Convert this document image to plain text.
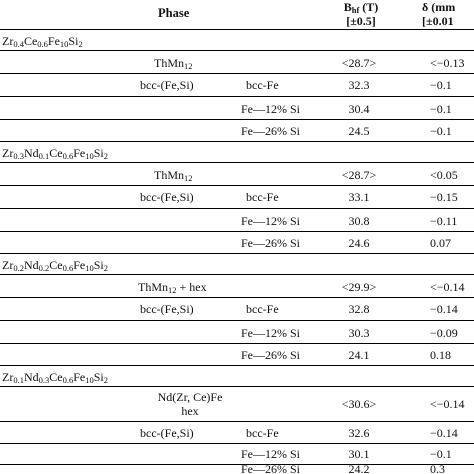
Phase	$B_{hf}$ (T)
[±0.5]
δ (mm
[±0.01
$Zr_{0.4}Ce_{0.6}Fe_{10}Si_2$
ThMn$_{12}$	<28.7>	<−0.13
bcc-(Fe,Si)	bcc-Fe	32.3	−0.1
Fe—12% Si	30.4	−0.1
Fe—26% Si	24.5	−0.1
$Zr_{0.3}Nd_{0.1}Ce_{0.6}Fe_{10}Si_2$
ThMn$_{12}$	<28.7>	<0.05
bcc-(Fe,Si)	bcc-Fe	33.1	−0.15
Fe—12% Si	30.8	−0.11
Fe—26% Si	24.6	0.07
$Zr_{0.2}Nd_{0.2}Ce_{0.6}Fe_{10}Si_2$
ThMn$_{12}$ + hex	<29.9>	<−0.14
bcc-(Fe,Si)	bcc-Fe	32.8	−0.14
Fe—12% Si	30.3	−0.09
Fe—26% Si	24.1	0.18
$Zr_{0.1}Nd_{0.3}Ce_{0.6}Fe_{10}Si_2$
Nd(Zr, Ce)Fe
hex	<30.6>	<−0.14
bcc-(Fe,Si)	bcc-Fe	32.6	−0.14
Fe—12% Si	30.1	−0.1
Fe—26% Si	24.2	0.3
